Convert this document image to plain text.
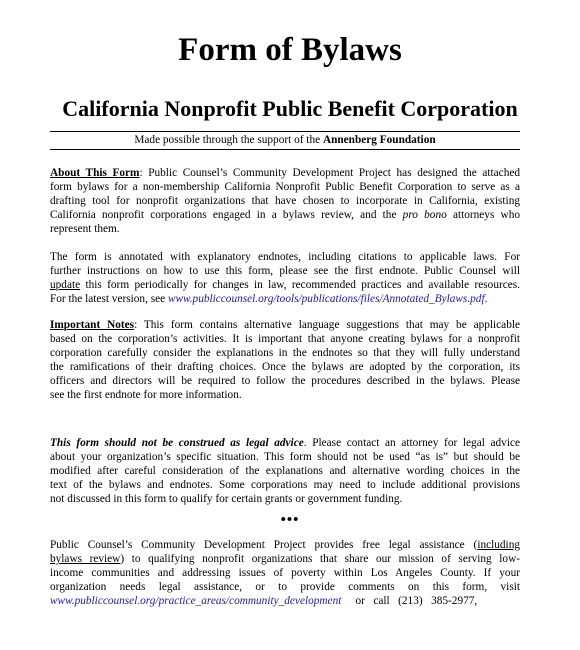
Form of Bylaws
California Nonprofit Public Benefit Corporation
Made possible through the support of the Annenberg Foundation
About This Form: Public Counsel’s Community Development Project has designed the attached
form bylaws for a non-membership California Nonprofit Public Benefit Corporation to serve as a
drafting tool for nonprofit organizations that have chosen to incorporate in California, existing
California nonprofit corporations engaged in a bylaws review, and the pro bono attorneys who
represent them.
The form is annotated with explanatory endnotes, including citations to applicable laws. For
further instructions on how to use this form, please see the first endnote. Public Counsel will
update this form periodically for changes in law, recommended practices and available resources.
For the latest version, see www.publiccounsel.org/tools/publications/files/Annotated_Bylaws.pdf.
Important Notes: This form contains alternative language suggestions that may be applicable
based on the corporation’s activities. It is important that anyone creating bylaws for a nonprofit
corporation carefully consider the explanations in the endnotes so that they will fully understand
the ramifications of their drafting choices. Once the bylaws are adopted by the corporation, its
officers and directors will be required to follow the procedures described in the bylaws. Please
see the first endnote for more information.
This form should not be construed as legal advice. Please contact an attorney for legal advice
about your organization’s specific situation. This form should not be used “as is” but should be
modified after careful consideration of the explanations and alternative wording choices in the
text of the bylaws and endnotes. Some corporations may need to include additional provisions
not discussed in this form to qualify for certain grants or government funding.
•••
Public Counsel’s Community Development Project provides free legal assistance (including
bylaws review) to qualifying nonprofit organizations that share our mission of serving low-
income communities and addressing issues of poverty within Los Angeles County. If your
organization needs legal assistance, or to provide comments on this form, visit
www.publiccounsel.org/practice_areas/community_development     or   call   (213)   385-2977,
